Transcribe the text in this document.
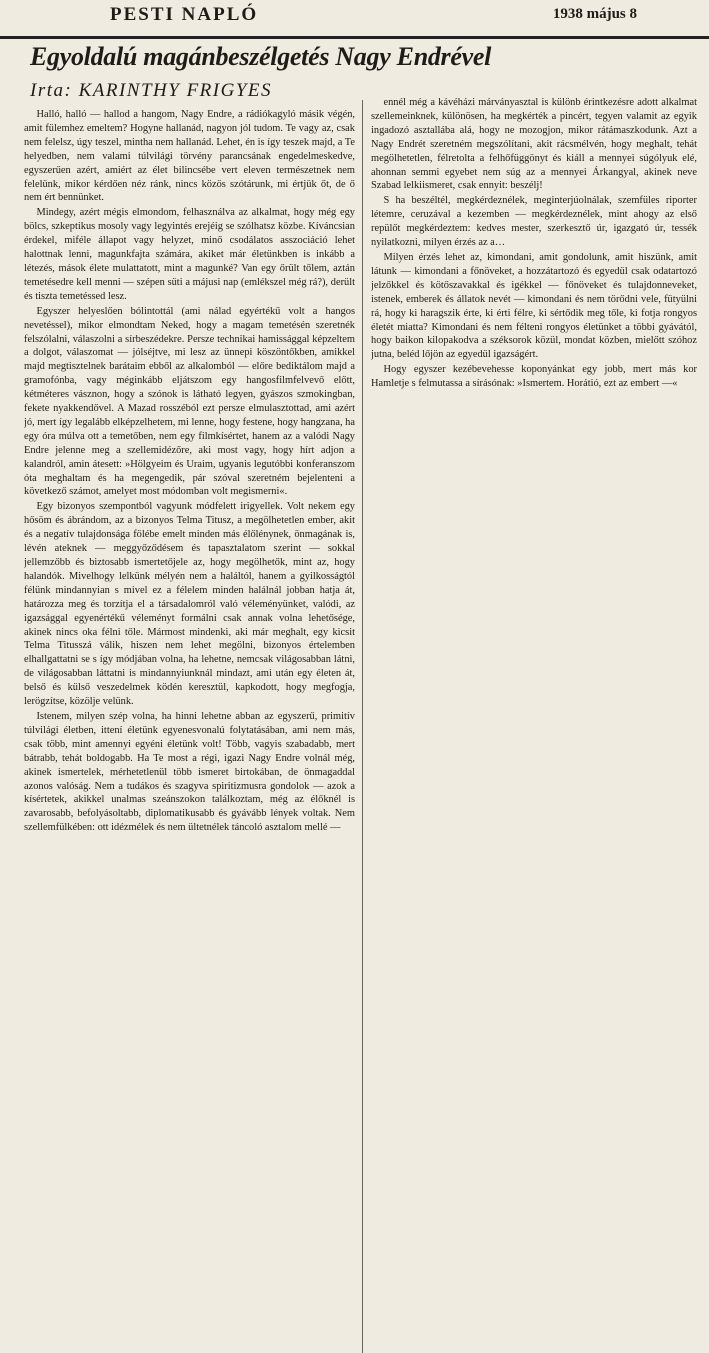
PESTI NAPLÓ	1938 május 8
Egyoldalú magánbeszélgetés Nagy Endrével
Irta: KARINTHY FRIGYES

Halló, halló — hallod a hangom, Nagy Endre, a rádiókagyló másik végén, amit fülemhez emeltem? Hogyne hallanád, nagyon jól tudom. Te vagy az, csak nem felelsz, úgy teszel, mintha nem hallanád. Lehet, én is így teszek majd, a Te helyedben, nem valami túlvilági törvény parancsának engedelmeskedve, egyszerűen azért, amiért az élet bilincsébe vert eleven természetnek nem felelünk, mikor kérdően néz ránk, nincs közös szótárunk, mi értjük őt, de ő nem ért bennünket.

Mindegy, azért mégis elmondom, felhasználva az alkalmat, hogy még egy bölcs, szkeptikus mosoly vagy legyintés erejéig se szólhatsz közbe. Kíváncsian érdekel, miféle állapot vagy helyzet, minő csodálatos asszociáció lehet halottnak lenni, magunkfajta számára, akiket már életünkben is inkább a létezés, mások élete mulattatott, mint a magunké? Van egy őrült tőlem, aztán temetésedre kell menni — szépen süti a májusi nap (emlékszel még rá?), derült és tiszta temetéssed lesz.

Egyszer helyeslően bólintottál (ami nálad egyértékű volt a hangos nevetéssel), mikor elmondtam Neked, hogy a magam temetésén szeretnék felszólalni, válaszolni a sírbeszédekre. Persze technikai hamissággal képzeltem a dolgot, válaszomat — jólséjtve, mi lesz az ünnepi köszöntőkben, amikkel majd megtisztelnek barátaim ebből az alkalomból — előre bediktálom majd a gramofónba, vagy méginkább eljátszom egy hangosfilmfelvevő előtt, kétméteres vásznon, hogy a szónok is látható legyen, gyászos szmokingban, fekete nyakkendővel. A Mazad rosszéból ezt persze elmulasztottad, ami azért jó, mert így legalább elképzelhetem, mi lenne, hogy festene, hogy hangzana, ha egy óra múlva ott a temetőben, nem egy filmkísértet, hanem az a valódi Nagy Endre jelenne meg a szellemidézőre, aki most vagy, hogy hírt adjon a kalandról, amin átesett: »Hölgyeim és Uraim, ugyanis legutóbbi konferanszom óta meghaltam és ha megengedik, pár szóval szeretném bejelenteni a következő számot, amelyet most módomban volt megismerni«.

Egy bizonyos szempontból vagyunk módfelett irigyellek. Volt nekem egy hősöm és ábrándom, az a bizonyos Telma Titusz, a megölhetetlen ember, akit és a negatív tulajdonsága fölébe emelt minden más élőlénynek, önmagának is, lévén ateknek — meggyőződésem és tapasztalatom szerint — sokkal jellemzőbb és biztosabb ismertetőjele az, hogy megölhetők, mint az, hogy halandók. Mivelhogy lelkünk mélyén nem a haláltól, hanem a gyilkosságtól félünk mindannyian s mivel ez a félelem minden halálnál jobban hatja át, határozza meg és torzítja el a társadalomról való véleményünket, valódi, az igazsággal egyenértékű véleményt formálni csak annak volna lehetősége, akinek nincs oka félni tőle. Mármost mindenki, aki már meghalt, egy kicsit Telma Titusszá válik, hiszen nem lehet megölni, bizonyos értelemben elhallgattatni se s így módjában volna, ha lehetne, nemcsak világosabban látni, de világosabban láttatni is mindannyiunknál mindazt, ami után egy életen át, belső és külső veszedelmek ködén keresztül, kapkodott, hogy megfogja, lerögzítse, közölje velünk.

Istenem, milyen szép volna, ha hinni lehetne abban az egyszerű, primitív túlvilági életben, ittení életünk egyenesvonalú folytatásában, ami nem más, csak több, mint amennyi egyéni életünk volt! Több, vagyis szabadabb, mert bátrabb, tehát boldogabb. Ha Te most a régi, igazi Nagy Endre volnál még, akinek ismertelek, mérhetetlenül több ismeret birtokában, de önmagaddal azonos valóság. Nem a tudákos és szagyva spiritizmusra gondolok — azok a kísértetek, akikkel unalmas szeánszokon találkoztam, még az élőknél is zavarosabb, befolyásoltabb, diplomatikusabb és gyávább lények voltak. Nem szellemfülkében: ott idézmélek és nem ültetnélek táncoló asztalom mellé —

ennél még a kávéházi márványasztal is különb érintkezésre adott alkalmat szellemeinknek, különösen, ha megkérték a pincért, tegyen valamit az egyik ingadozó asztallába alá, hogy ne mozogjon, mikor rátámaszkodunk. Azt a Nagy Endrét szeretném megszólítani, akit rácsmélvén, hogy meghalt, tehát megölhetetlen, félretolta a felhőfüggönyt és kiáll a mennyei súgólyuk elé, ahonnan semmi egyebet nem súg az a mennyei Árkangyal, akinek neve Szabad lelkiismeret, csak ennyit: beszélj!

S ha beszéltél, megkérdeznélek, meginterjúolnálak, szemfüles riporter létemre, ceruzával a kezemben — megkérdeznélek, mint ahogy az első repülőt megkérdeztem: kedves mester, szerkesztő úr, igazgató úr, tessék nyilatkozni, milyen érzés az a…

Milyen érzés lehet az, kimondani, amit gondolunk, amit hiszünk, amit látunk — kimondani a főnöveket, a hozzátartozó és egyedül csak odatartozó jelzőkkel és kötőszavakkal és igékkel — főnöveket és tulajdonneveket, istenek, emberek és állatok nevét — kimondani és nem törődni vele, fütyülni rá, hogy ki haragszik érte, ki érti félre, ki sértődik meg tőle, ki fotja rongyos életét miatta? Kimondani és nem félteni rongyos életünket a többi gyávától, hogy baikon kilopakodva a széksorok közül, mondat közben, mielőtt szóhoz jutna, beléd lőjön az egyedül igazságért.

Hogy egyszer kezébevehesse koponyánkat egy jobb, mert más kor Hamletje s felmutassa a sírásónak: »Ismertem. Horátió, ezt az embert —«
